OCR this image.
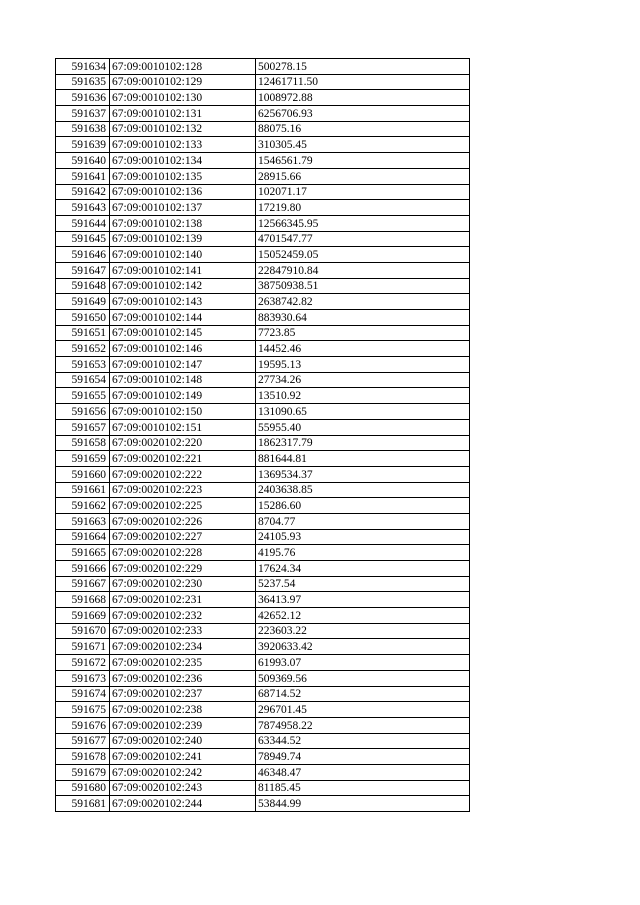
591634	67:09:0010102:128	500278.15
591635	67:09:0010102:129	12461711.50
591636	67:09:0010102:130	1008972.88
591637	67:09:0010102:131	6256706.93
591638	67:09:0010102:132	88075.16
591639	67:09:0010102:133	310305.45
591640	67:09:0010102:134	1546561.79
591641	67:09:0010102:135	28915.66
591642	67:09:0010102:136	102071.17
591643	67:09:0010102:137	17219.80
591644	67:09:0010102:138	12566345.95
591645	67:09:0010102:139	4701547.77
591646	67:09:0010102:140	15052459.05
591647	67:09:0010102:141	22847910.84
591648	67:09:0010102:142	38750938.51
591649	67:09:0010102:143	2638742.82
591650	67:09:0010102:144	883930.64
591651	67:09:0010102:145	7723.85
591652	67:09:0010102:146	14452.46
591653	67:09:0010102:147	19595.13
591654	67:09:0010102:148	27734.26
591655	67:09:0010102:149	13510.92
591656	67:09:0010102:150	131090.65
591657	67:09:0010102:151	55955.40
591658	67:09:0020102:220	1862317.79
591659	67:09:0020102:221	881644.81
591660	67:09:0020102:222	1369534.37
591661	67:09:0020102:223	2403638.85
591662	67:09:0020102:225	15286.60
591663	67:09:0020102:226	8704.77
591664	67:09:0020102:227	24105.93
591665	67:09:0020102:228	4195.76
591666	67:09:0020102:229	17624.34
591667	67:09:0020102:230	5237.54
591668	67:09:0020102:231	36413.97
591669	67:09:0020102:232	42652.12
591670	67:09:0020102:233	223603.22
591671	67:09:0020102:234	3920633.42
591672	67:09:0020102:235	61993.07
591673	67:09:0020102:236	509369.56
591674	67:09:0020102:237	68714.52
591675	67:09:0020102:238	296701.45
591676	67:09:0020102:239	7874958.22
591677	67:09:0020102:240	63344.52
591678	67:09:0020102:241	78949.74
591679	67:09:0020102:242	46348.47
591680	67:09:0020102:243	81185.45
591681	67:09:0020102:244	53844.99
